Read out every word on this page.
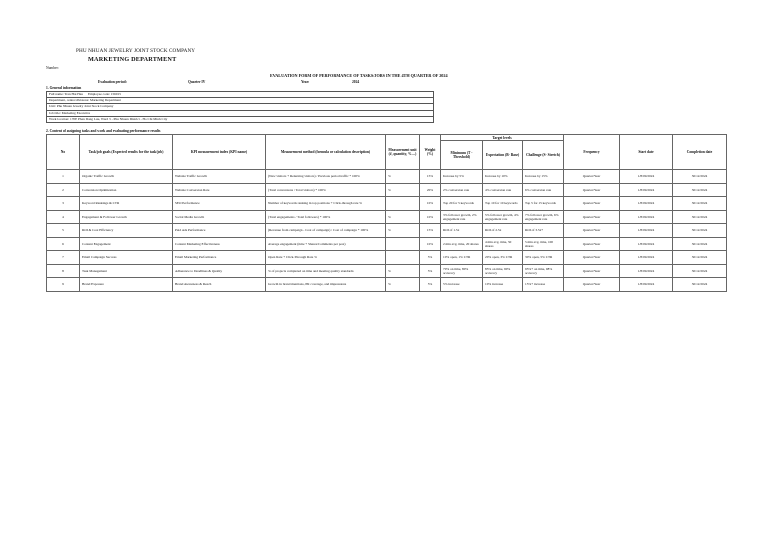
PHU NHUAN JEWELRY JOINT STOCK COMPANY
MARKETING DEPARTMENT
Number:
EVALUATION FORM OF PERFORMANCE OF TASKS/JOBS IN THE 4TH QUARTER OF 2024
Evaluation period:	Quarter IV	Year:	2024
1. General information
Full name: Tran Hai Hau Employee code: 156015
Department, centre/divisions: Marketing Department
Unit: Phu Nhuan Jewelry Joint Stock Company
Job title: Marketing Executive
Work location: 170E Phan Dang Luu, Ward 3 - Phu Nhuan District - Ho Chi Minh City
2. Content of assigning tasks and work and evaluating performance results
No	Task/job goals (Expected results for the task/job)	KPI measurement index (KPI name)	Measurement method (formula or calculation description)	Measurement unit (#, quantity, %…)	Weight (%)	Target levels			Frequency	Start date	Completion date
						Minimum (T - Threshold)	Expectation (B- Base)	Challenge (S- Stretch)			
1	Organic Traffic Growth	Website Traffic Growth	(New visitors + Returning visitors) / Previous period traffic * 100%	%	15%	Increase by 5%	Increase by 10%	Increase by 15%	Quarter/Year	1/8/09/2024	30/12/2024
2	Conversion Optimization	Website Conversion Rate	(Total conversions / Total visitors) * 100%	%	20%	2% conversion rate	4% conversion rate	6% conversion rate	Quarter/Year	1/8/09/2024	30/12/2024
3	Keyword Rankings & CTR	SEO Performance	Number of keywords ranking in top positions + Click-through rate %		10%	Top 20 for 5 keywords	Top 10 for 10 keywords	Top 5 for 15 keywords	Quarter/Year	1/8/09/2024	30/12/2024
4	Engagement & Follower Growth	Social Media Growth	(Total engagements / Total followers) * 100%	%	10%	3% follower growth, 2% engagement rate	5% follower growth, 4% engagement rate	7% follower growth, 6% engagement rate	Quarter/Year	1/8/09/2024	30/12/2024
5	ROI & Cost Efficiency	Paid Ads Performance	(Revenue from campaign - Cost of campaign) / Cost of campaign * 100%	%	15%	ROI of 1.5x	ROI of 2.5x	ROI of 3.5x+	Quarter/Year	1/8/09/2024	30/12/2024
6	Content Engagement	Content Marketing Effectiveness	Average engagement (time + Shares/Comments per post)		10%	2 min avg. time, 20 shares	4 min avg. time, 50 shares	5 min avg. time, 100 shares	Quarter/Year	1/8/09/2024	30/12/2024
7	Email Campaign Success	Email Marketing Performance	Open Rate + Click-Through Rate %		5%	10% open, 1% CTR	20% open, 3% CTR	30% open, 5% CTR	Quarter/Year	1/8/09/2024	30/12/2024
8	Task Management	Adherence to Deadlines & Quality	% of projects completed on time and meeting quality standards	%	5%	70% on time, 80% accuracy	85% on time, 90% accuracy	95%+ on time, 98% accuracy	Quarter/Year	1/8/09/2024	30/12/2024
9	Brand Exposure	Brand Awareness & Reach	Growth in brand mentions, PR coverage, and impressions	%	5%	5% increase	10% increase	15%+ increase	Quarter/Year	1/8/09/2024	30/12/2024
